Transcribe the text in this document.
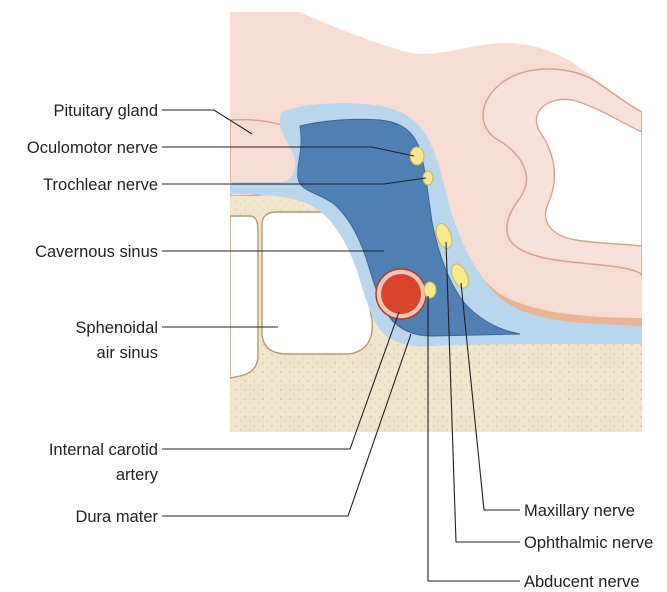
Pituitary gland
Oculomotor nerve
Trochlear nerve
Cavernous sinus
Sphenoidal
air sinus
Internal carotid
artery
Dura mater	Maxillary nerve
Ophthalmic nerve
Abducent nerve
